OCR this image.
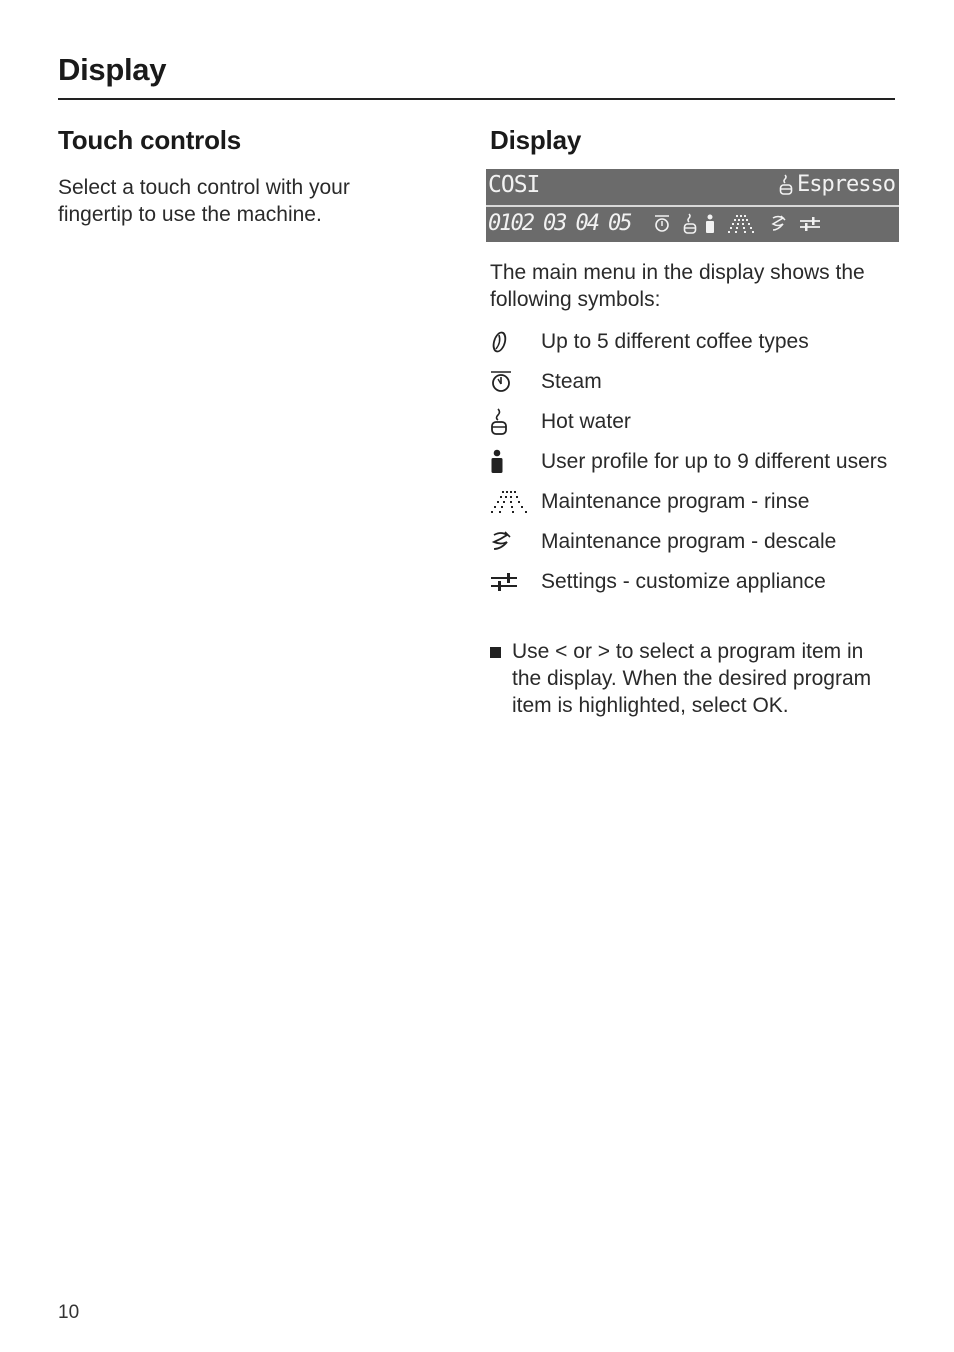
Display
Touch controls

Select a touch control with your fingertip to use the machine.

Display
COSI	Espresso
01 02 03 04 05

The main menu in the display shows the following symbols:

Up to 5 different coffee types
Steam
Hot water
User profile for up to 9 different users
Maintenance program - rinse
Maintenance program - descale
Settings - customize appliance
Use < or > to select a program item in the display. When the desired program item is highlighted, select OK.
10
